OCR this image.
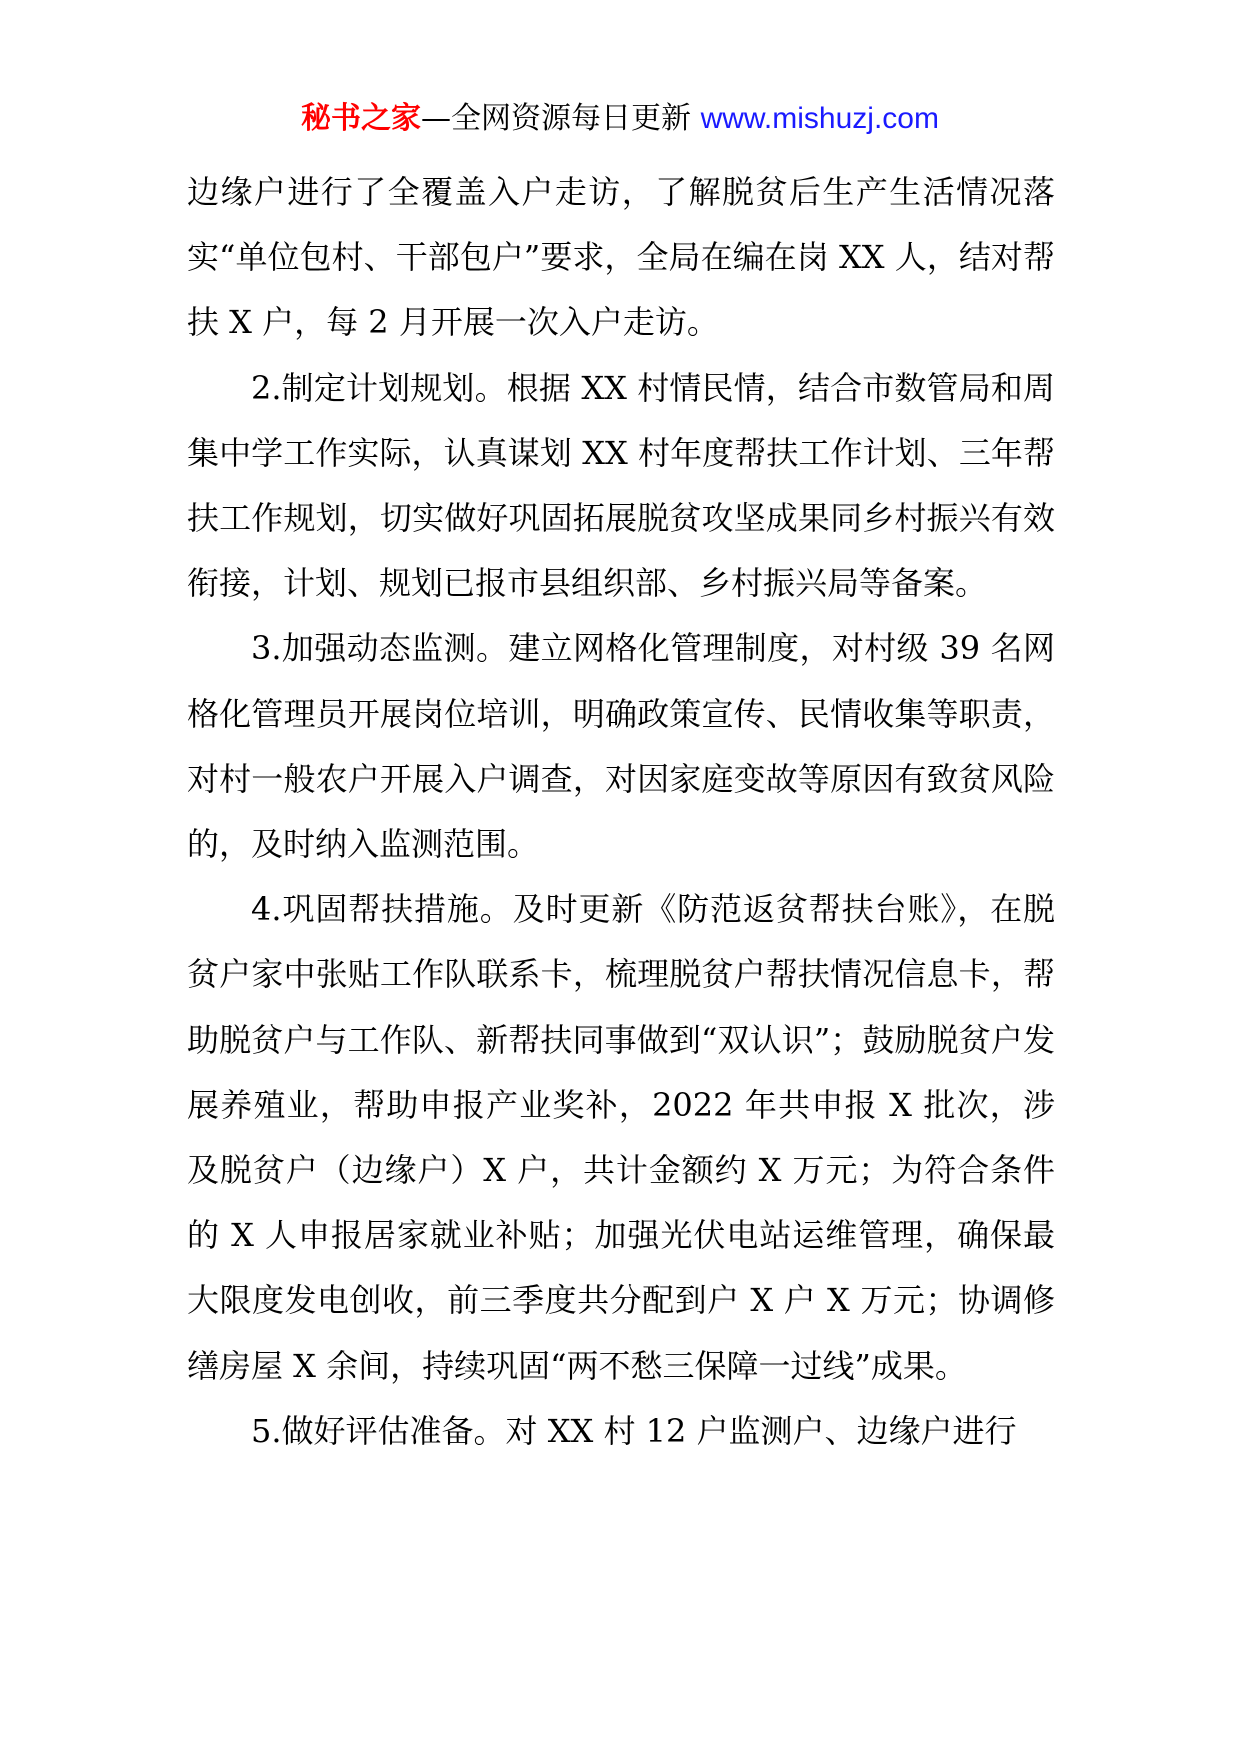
秘书之家—全网资源每日更新 www.mishuzj.com

边缘户进行了全覆盖入户走访，了解脱贫后生产生活情况落实“单位包村、干部包户”要求，全局在编在岗 XX 人，结对帮扶 X 户，每 2 月开展一次入户走访。

2.制定计划规划。根据 XX 村情民情，结合市数管局和周集中学工作实际，认真谋划 XX 村年度帮扶工作计划、三年帮扶工作规划，切实做好巩固拓展脱贫攻坚成果同乡村振兴有效衔接，计划、规划已报市县组织部、乡村振兴局等备案。

3.加强动态监测。建立网格化管理制度，对村级 39 名网格化管理员开展岗位培训，明确政策宣传、民情收集等职责，对村一般农户开展入户调查，对因家庭变故等原因有致贫风险的，及时纳入监测范围。

4.巩固帮扶措施。及时更新《防范返贫帮扶台账》，在脱贫户家中张贴工作队联系卡，梳理脱贫户帮扶情况信息卡，帮助脱贫户与工作队、新帮扶同事做到“双认识”；鼓励脱贫户发展养殖业，帮助申报产业奖补，2022 年共申报 X 批次，涉及脱贫户（边缘户）X 户，共计金额约 X 万元；为符合条件的 X 人申报居家就业补贴；加强光伏电站运维管理，确保最大限度发电创收，前三季度共分配到户 X 户 X 万元；协调修缮房屋 X 余间，持续巩固“两不愁三保障一过线”成果。

5.做好评估准备。对 XX 村 12 户监测户、边缘户进行
